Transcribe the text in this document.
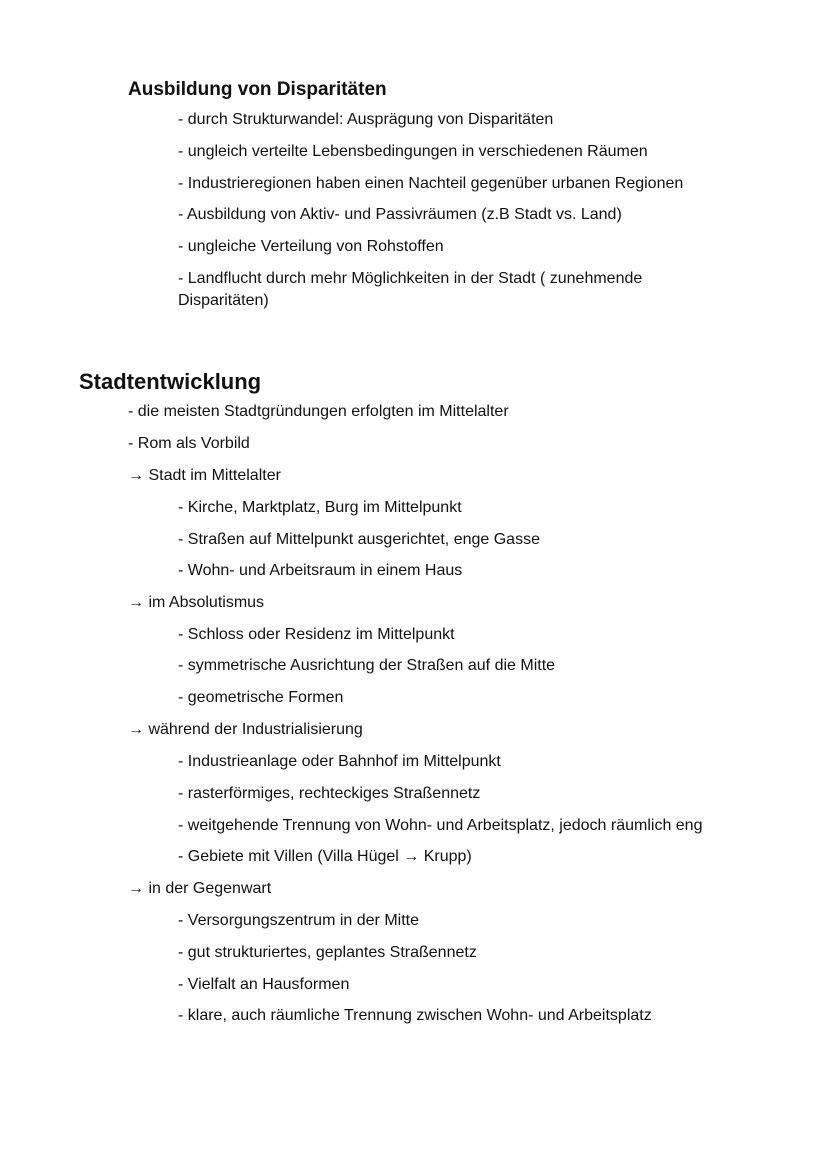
Ausbildung von Disparitäten
- durch Strukturwandel: Ausprägung von Disparitäten
- ungleich verteilte Lebensbedingungen in verschiedenen Räumen
- Industrieregionen haben einen Nachteil gegenüber urbanen Regionen
- Ausbildung von Aktiv- und Passivräumen (z.B Stadt vs. Land)
- ungleiche Verteilung von Rohstoffen
- Landflucht durch mehr Möglichkeiten in der Stadt ( zunehmende Disparitäten)
Stadtentwicklung
- die meisten Stadtgründungen erfolgten im Mittelalter
- Rom als Vorbild
→ Stadt im Mittelalter
- Kirche, Marktplatz, Burg im Mittelpunkt
- Straßen auf Mittelpunkt ausgerichtet, enge Gasse
- Wohn- und Arbeitsraum in einem Haus
→ im Absolutismus
- Schloss oder Residenz im Mittelpunkt
- symmetrische Ausrichtung der Straßen auf die Mitte
- geometrische Formen
→ während der Industrialisierung
- Industrieanlage oder Bahnhof im Mittelpunkt
- rasterförmiges, rechteckiges Straßennetz
- weitgehende Trennung von Wohn- und Arbeitsplatz, jedoch räumlich eng
- Gebiete mit Villen (Villa Hügel → Krupp)
→ in der Gegenwart
- Versorgungszentrum in der Mitte
- gut strukturiertes, geplantes Straßennetz
- Vielfalt an Hausformen
- klare, auch räumliche Trennung zwischen Wohn- und Arbeitsplatz
